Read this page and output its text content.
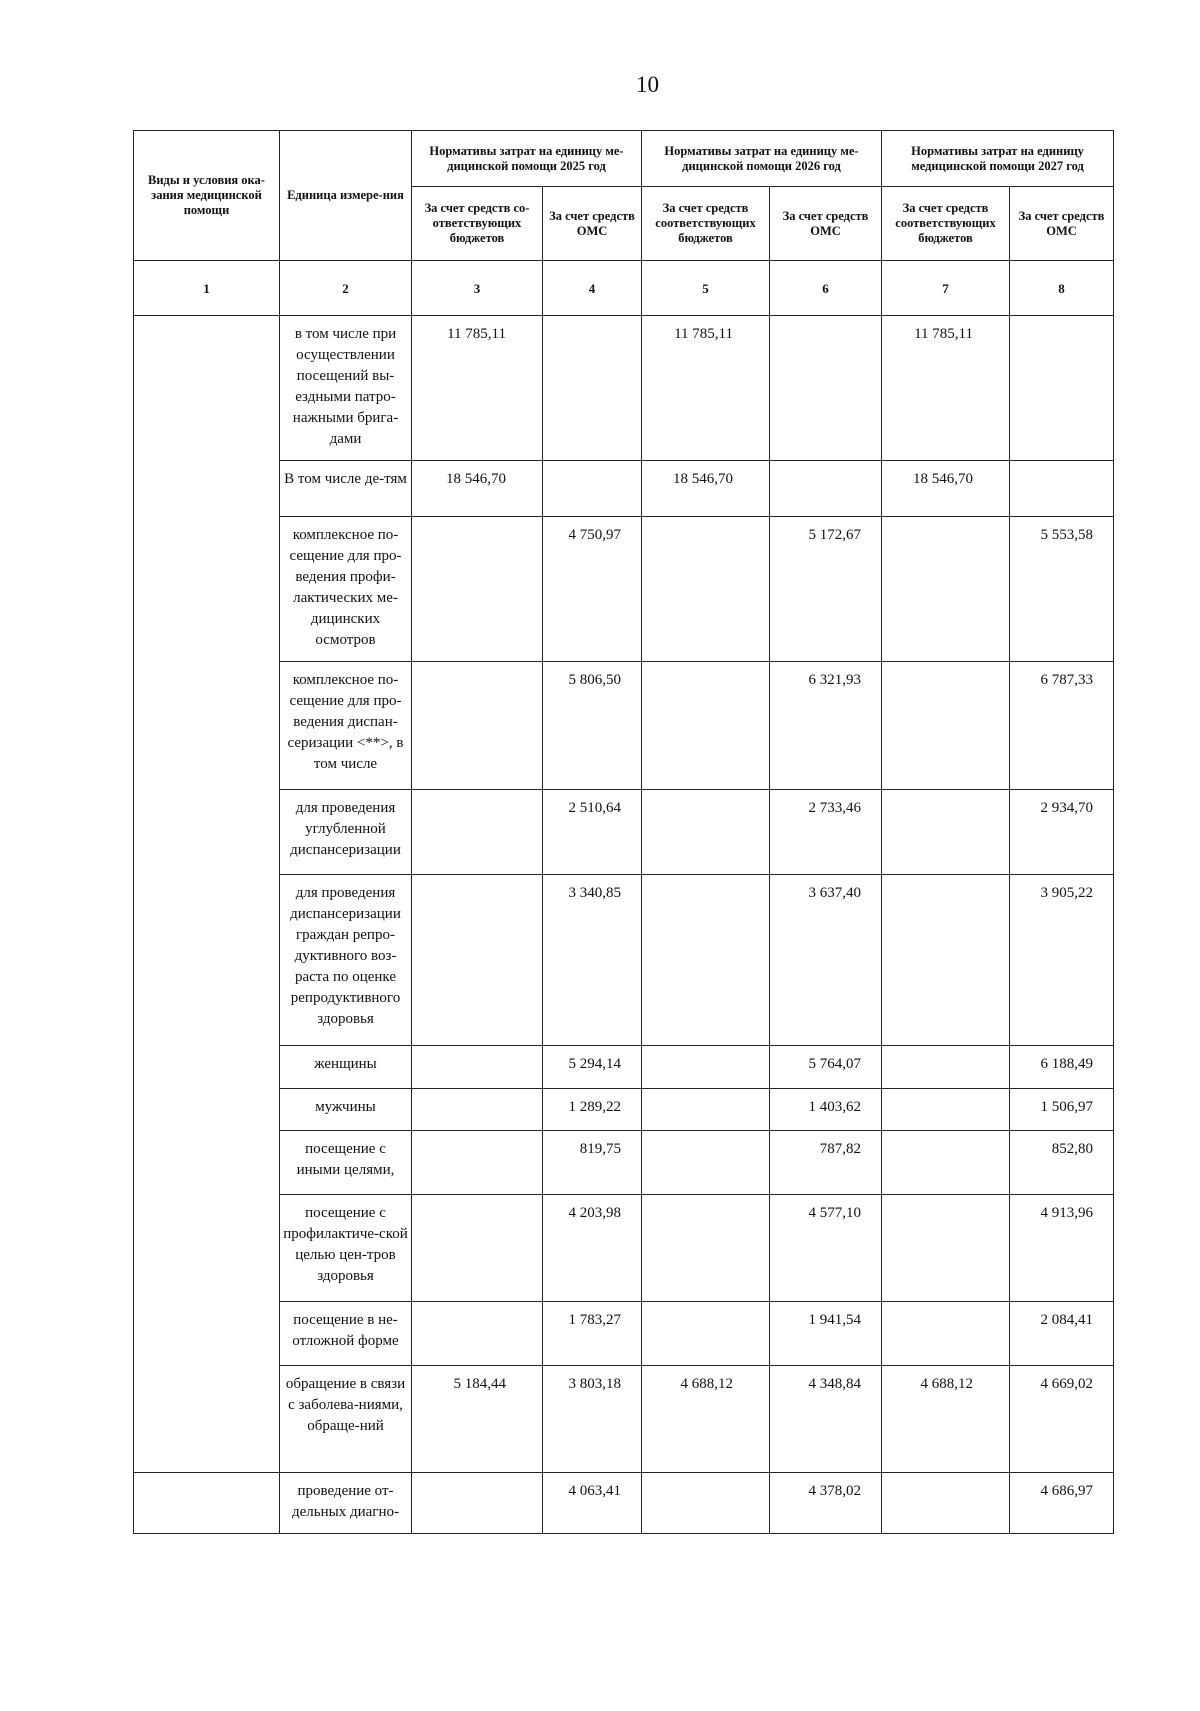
10
Виды и условия ока-зания медицинской помощи	Единица измере-ния	Нормативы затрат на единицу ме-дицинской помощи 2025 год		Нормативы затрат на единицу ме-дицинской помощи 2026 год		Нормативы затрат на единицу медицинской помощи 2027 год	
		За счет средств со-ответствующих бюджетов	За счет средств ОМС	За счет средств соответствующих бюджетов	За счет средств ОМС	За счет средств соответствующих бюджетов	За счет средств ОМС
1	2	3	4	5	6	7	8
	в том числе при осуществлении посещений вы-ездными патро-нажными брига-дами	11 785,11		11 785,11		11 785,11	
	В том числе де-тям	18 546,70		18 546,70		18 546,70	
	комплексное по-сещение для про-ведения профи-лактических ме-дицинских осмотров		4 750,97		5 172,67		5 553,58
	комплексное по-сещение для про-ведения диспан-серизации <**>, в том числе		5 806,50		6 321,93		6 787,33
	для проведения углубленной диспансеризации		2 510,64		2 733,46		2 934,70
	для проведения диспансеризации граждан репро-дуктивного воз-раста по оценке репродуктивного здоровья		3 340,85		3 637,40		3 905,22
	женщины		5 294,14		5 764,07		6 188,49
	мужчины		1 289,22		1 403,62		1 506,97
	посещение с иными целями,		819,75		787,82		852,80
	посещение с профилактиче-ской целью цен-тров здоровья		4 203,98		4 577,10		4 913,96
	посещение в не-отложной форме		1 783,27		1 941,54		2 084,41
	обращение в связи с заболева-ниями, обраще-ний	5 184,44	3 803,18	4 688,12	4 348,84	4 688,12	4 669,02
	проведение от-дельных диагно-		4 063,41		4 378,02		4 686,97
